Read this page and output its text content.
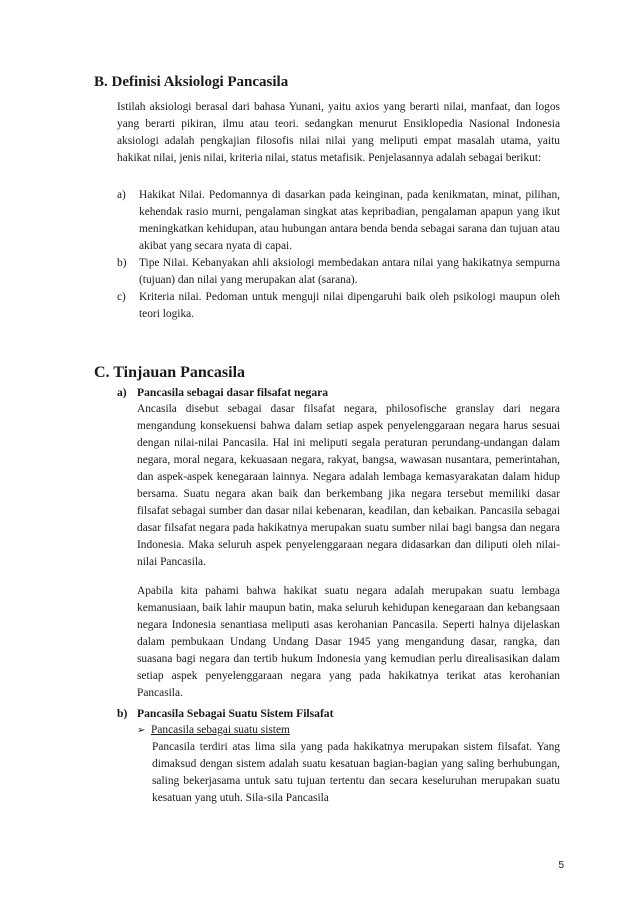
B. Definisi Aksiologi Pancasila

Istilah aksiologi berasal dari bahasa Yunani, yaitu axios yang berarti nilai, manfaat, dan logos yang berarti pikiran, ilmu atau teori. sedangkan menurut Ensiklopedia Nasional Indonesia aksiologi adalah pengkajian filosofis nilai nilai yang meliputi empat masalah utama, yaitu hakikat nilai, jenis nilai, kriteria nilai, status metafisik. Penjelasannya adalah sebagai berikut:

a) Hakikat Nilai. Pedomannya di dasarkan pada keinginan, pada kenikmatan, minat, pilihan, kehendak rasio murni, pengalaman singkat atas kepribadian, pengalaman apapun yang ikut meningkatkan kehidupan, atau hubungan antara benda benda sebagai sarana dan tujuan atau akibat yang secara nyata di capai.
b) Tipe Nilai. Kebanyakan ahli aksiologi membedakan antara nilai yang hakikatnya sempurna (tujuan) dan nilai yang merupakan alat (sarana).
c) Kriteria nilai. Pedoman untuk menguji nilai dipengaruhi baik oleh psikologi maupun oleh teori logika.
C. Tinjauan Pancasila

a) Pancasila sebagai dasar filsafat negara

Ancasila disebut sebagai dasar filsafat negara, philosofische granslay dari negara mengandung konsekuensi bahwa dalam setiap aspek penyelenggaraan negara harus sesuai dengan nilai-nilai Pancasila. Hal ini meliputi segala peraturan perundang-undangan dalam negara, moral negara, kekuasaan negara, rakyat, bangsa, wawasan nusantara, pemerintahan, dan aspek-aspek kenegaraan lainnya. Negara adalah lembaga kemasyarakatan dalam hidup bersama. Suatu negara akan baik dan berkembang jika negara tersebut memiliki dasar filsafat sebagai sumber dan dasar nilai kebenaran, keadilan, dan kebaikan. Pancasila sebagai dasar filsafat negara pada hakikatnya merupakan suatu sumber nilai bagi bangsa dan negara Indonesia. Maka seluruh aspek penyelenggaraan negara didasarkan dan diliputi oleh nilai-nilai Pancasila.

Apabila kita pahami bahwa hakikat suatu negara adalah merupakan suatu lembaga kemanusiaan, baik lahir maupun batin, maka seluruh kehidupan kenegaraan dan kebangsaan negara Indonesia senantiasa meliputi asas kerohanian Pancasila. Seperti halnya dijelaskan dalam pembukaan Undang Undang Dasar 1945 yang mengandung dasar, rangka, dan suasana bagi negara dan tertib hukum Indonesia yang kemudian perlu direalisasikan dalam setiap aspek penyelenggaraan negara yang pada hakikatnya terikat atas kerohanian Pancasila.

b) Pancasila Sebagai Suatu Sistem Filsafat

➢ Pancasila sebagai suatu sistem

Pancasila terdiri atas lima sila yang pada hakikatnya merupakan sistem filsafat. Yang dimaksud dengan sistem adalah suatu kesatuan bagian-bagian yang saling berhubungan, saling bekerjasama untuk satu tujuan tertentu dan secara keseluruhan merupakan suatu kesatuan yang utuh. Sila-sila Pancasila

5
